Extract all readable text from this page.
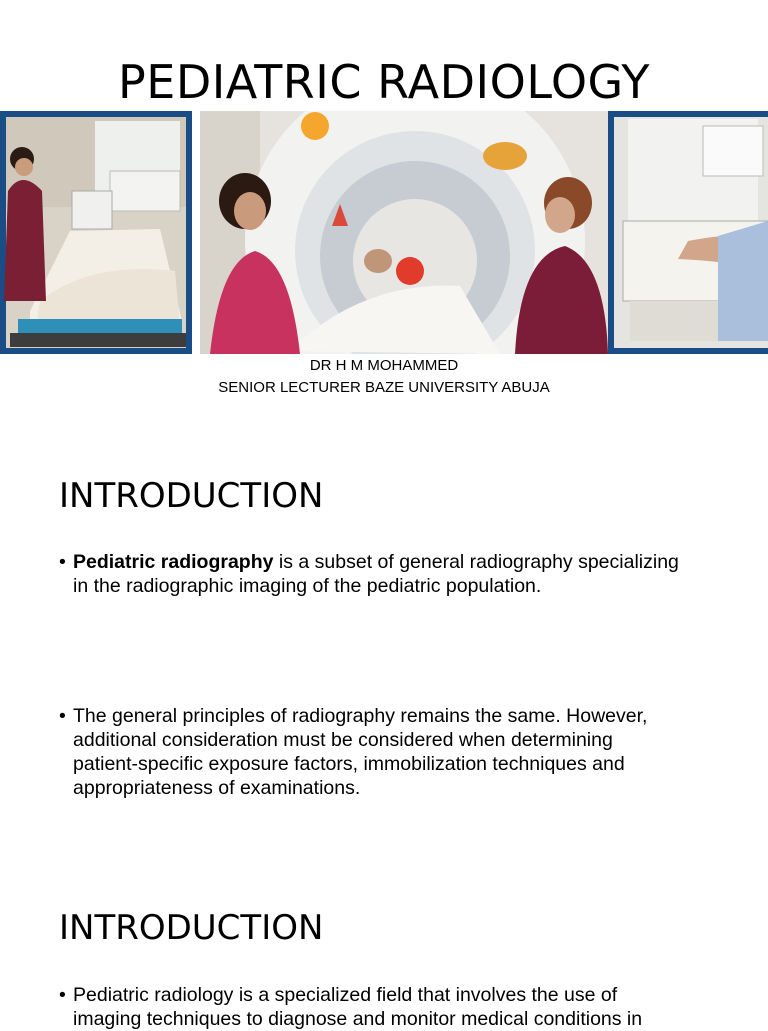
PEDIATRIC RADIOLOGY
DR H M MOHAMMED
SENIOR LECTURER BAZE UNIVERSITY ABUJA
INTRODUCTION
• Pediatric radiography is a subset of general radiography specializing
in the radiographic imaging of the pediatric population.
• The general principles of radiography remains the same. However,
additional consideration must be considered when determining
patient-specific exposure factors, immobilization techniques and
appropriateness of examinations.
INTRODUCTION
• Pediatric radiology is a specialized field that involves the use of
imaging techniques to diagnose and monitor medical conditions in
